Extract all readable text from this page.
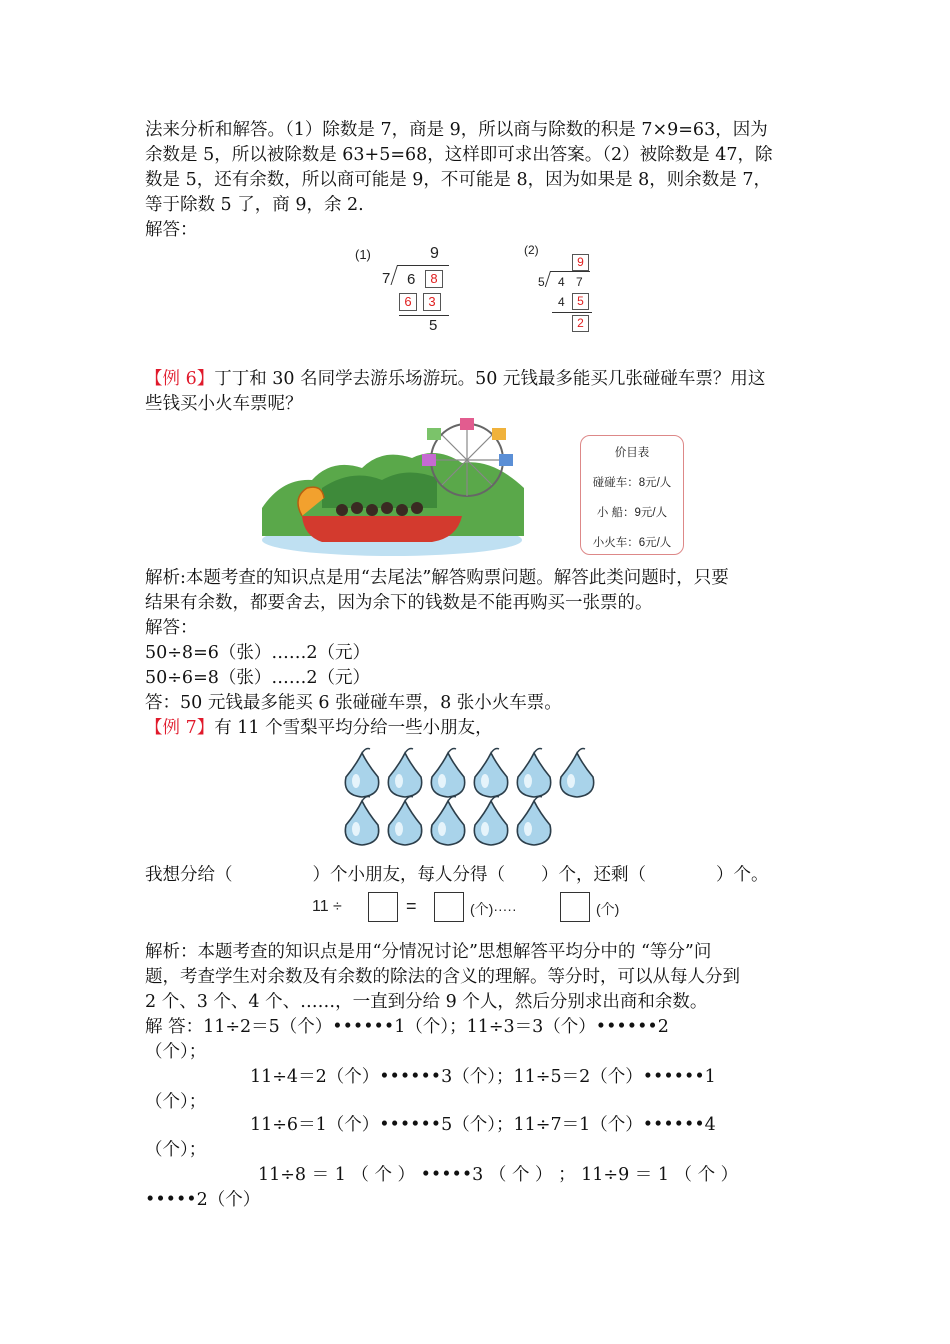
法来分析和解答。（1）除数是 7，商是 9，所以商与除数的积是 7×9=63，因为
余数是 5，所以被除数是 63+5=68，这样即可求出答案。（2）被除数是 47，除
数是 5，还有余数，所以商可能是 9，不可能是 8，因为如果是 8，则余数是 7，
等于除数 5 了，商 9，余 2.
解答：
(1)	9
7 6	8
6	3
5
(2)
9
5 4 7
4	5
2
【例 6】丁丁和 30 名同学去游乐场游玩。50 元钱最多能买几张碰碰车票？用这
些钱买小火车票呢？
价目表
碰碰车：8元/人
小 船：9元/人
小火车：6元/人
解析:本题考查的知识点是用“去尾法”解答购票问题。解答此类问题时，只要
结果有余数，都要舍去，因为余下的钱数是不能再购买一张票的。
解答：
50÷8=6（张）……2（元）
50÷6=8（张）……2（元）
答：50 元钱最多能买 6 张碰碰车票，8 张小火车票。
【例 7】有 11 个雪梨平均分给一些小朋友，
我想分给（	）个小朋友，每人分得（ ）个，还剩（	）个。
11 ÷	=	(个)·····	(个)
解析：本题考查的知识点是用“分情况讨论”思想解答平均分中的 “等分”问
题，考查学生对余数及有余数的除法的含义的理解。等分时，可以从每人分到
2 个、3 个、4 个、……，一直到分给 9 个人，然后分别求出商和余数。
解 答：11÷2＝5（个）••••••1（个）；11÷3＝3（个）••••••2
（个）；
11÷4＝2（个）••••••3（个）；11÷5＝2（个）••••••1
（个）；
11÷6＝1（个）••••••5（个）；11÷7＝1（个）••••••4
（个）；
11÷8 ＝ 1 （ 个 ） •••••3 （ 个 ） ； 11÷9 ＝ 1 （ 个 ）
•••••2（个）
